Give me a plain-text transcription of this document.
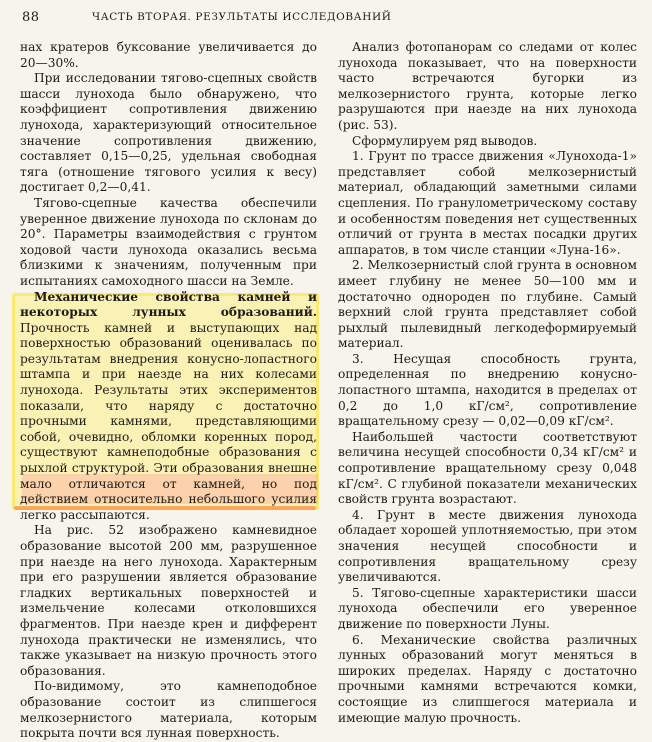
88	ЧАСТЬ ВТОРАЯ. РЕЗУЛЬТАТЫ ИССЛЕДОВАНИЙ

нах кратеров буксование увеличивается до 20—30%.

При исследовании тягово-сцепных свойств шасси лунохода было обнаружено, что коэффициент сопротивления движению лунохода, характеризующий относительное значение сопротивления движению, составляет 0,15—0,25, удельная свободная тяга (отношение тягового усилия к весу) достигает 0,2—0,41.

Тягово-сцепные качества обеспечили уверенное движение лунохода по склонам до 20°. Параметры взаимодействия с грунтом ходовой части лунохода оказались весьма близкими к значениям, полученным при испытаниях самоходного шасси на Земле.

Механические свойства камней и некоторых лунных образований. Прочность камней и выступающих над поверхностью образований оценивалась по результатам внедрения конусно-лопастного штампа и при наезде на них колесами лунохода. Результаты этих экспериментов показали, что наряду с достаточно прочными камнями, представляющими собой, очевидно, обломки коренных пород, существуют камнеподобные образования с рыхлой структурой. Эти образования внешне мало отличаются от камней, но под действием относительно небольшого усилия легко рассыпаются.

На рис. 52 изображено камневидное образование высотой 200 мм, разрушенное при наезде на него лунохода. Характерным при его разрушении является образование гладких вертикальных поверхностей и измельчение колесами отколовшихся фрагментов. При наезде крен и дифферент лунохода практически не изменялись, что также указывает на низкую прочность этого образования.

По-видимому, это камнеподобное образование состоит из слипшегося мелкозернистого материала, которым покрыта почти вся лунная поверхность.

Анализ фотопанорам со следами от колес лунохода показывает, что на поверхности часто встречаются бугорки из мелкозернистого грунта, которые легко разрушаются при наезде на них лунохода (рис. 53).

Сформулируем ряд выводов.

1. Грунт по трассе движения «Лунохода-1» представляет собой мелкозернистый материал, обладающий заметными силами сцепления. По гранулометрическому составу и особенностям поведения нет существенных отличий от грунта в местах посадки других аппаратов, в том числе станции «Луна-16».

2. Мелкозернистый слой грунта в основном имеет глубину не менее 50—100 мм и достаточно однороден по глубине. Самый верхний слой грунта представляет собой рыхлый пылевидный легкодеформируемый материал.

3. Несущая способность грунта, определенная по внедрению конусно-лопастного штампа, находится в пределах от 0,2 до 1,0 кГ/см², сопротивление вращательному срезу — 0,02—0,09 кГ/см².

Наибольшей частости соответствуют величина несущей способности 0,34 кГ/см² и сопротивление вращательному срезу 0,048 кГ/см². С глубиной показатели механических свойств грунта возрастают.

4. Грунт в месте движения лунохода обладает хорошей уплотняемостью, при этом значения несущей способности и сопротивления вращательному срезу увеличиваются.

5. Тягово-сцепные характеристики шасси лунохода обеспечили его уверенное движение по поверхности Луны.

6. Механические свойства различных лунных образований могут меняться в широких пределах. Наряду с достаточно прочными камнями встречаются комки, состоящие из слипшегося материала и имеющие малую прочность.
